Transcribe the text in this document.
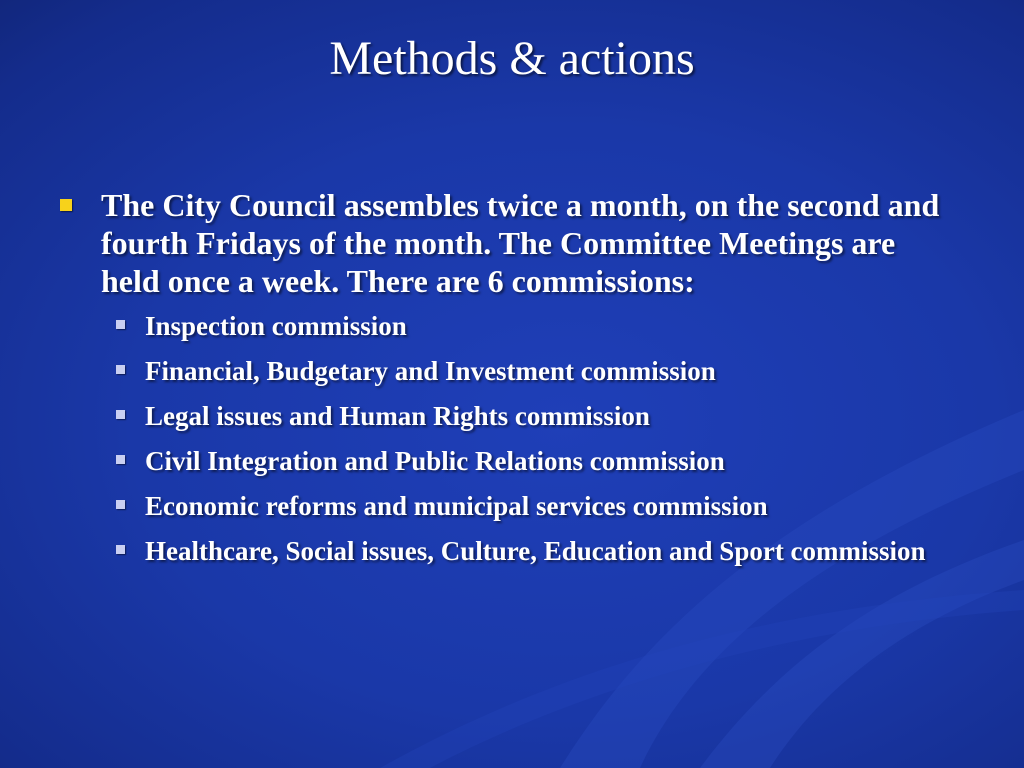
Methods & actions
The City Council assembles twice a month, on the second and fourth Fridays of the month. The Committee Meetings are held once a week. There are 6 commissions:
Inspection commission
Financial, Budgetary and Investment commission
Legal issues and Human Rights commission
Civil Integration and Public Relations commission
Economic reforms and municipal services commission
Healthcare, Social issues, Culture, Education and Sport commission
